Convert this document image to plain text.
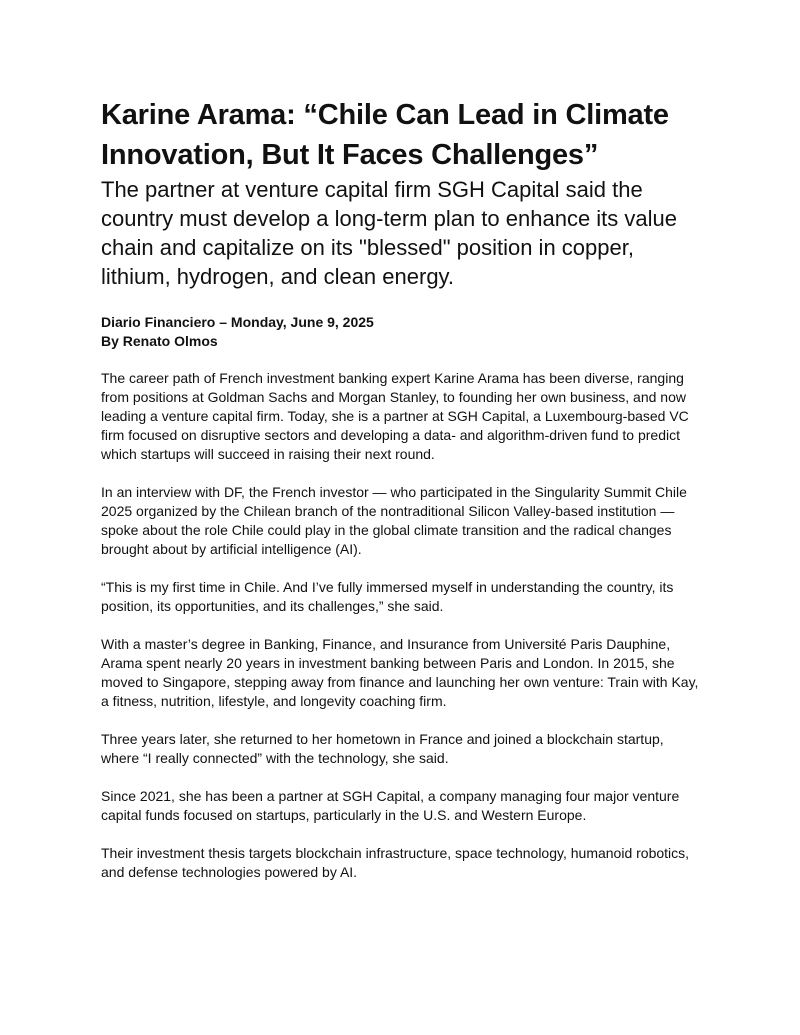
Karine Arama: “Chile Can Lead in Climate Innovation, But It Faces Challenges”

The partner at venture capital firm SGH Capital said the country must develop a long-term plan to enhance its value chain and capitalize on its "blessed" position in copper, lithium, hydrogen, and clean energy.

Diario Financiero – Monday, June 9, 2025
By Renato Olmos

The career path of French investment banking expert Karine Arama has been diverse, ranging from positions at Goldman Sachs and Morgan Stanley, to founding her own business, and now leading a venture capital firm. Today, she is a partner at SGH Capital, a Luxembourg-based VC firm focused on disruptive sectors and developing a data- and algorithm-driven fund to predict which startups will succeed in raising their next round.

In an interview with DF, the French investor — who participated in the Singularity Summit Chile 2025 organized by the Chilean branch of the nontraditional Silicon Valley-based institution — spoke about the role Chile could play in the global climate transition and the radical changes brought about by artificial intelligence (AI).

“This is my first time in Chile. And I’ve fully immersed myself in understanding the country, its position, its opportunities, and its challenges,” she said.

With a master’s degree in Banking, Finance, and Insurance from Université Paris Dauphine, Arama spent nearly 20 years in investment banking between Paris and London. In 2015, she moved to Singapore, stepping away from finance and launching her own venture: Train with Kay, a fitness, nutrition, lifestyle, and longevity coaching firm.

Three years later, she returned to her hometown in France and joined a blockchain startup, where “I really connected” with the technology, she said.

Since 2021, she has been a partner at SGH Capital, a company managing four major venture capital funds focused on startups, particularly in the U.S. and Western Europe.

Their investment thesis targets blockchain infrastructure, space technology, humanoid robotics, and defense technologies powered by AI.
